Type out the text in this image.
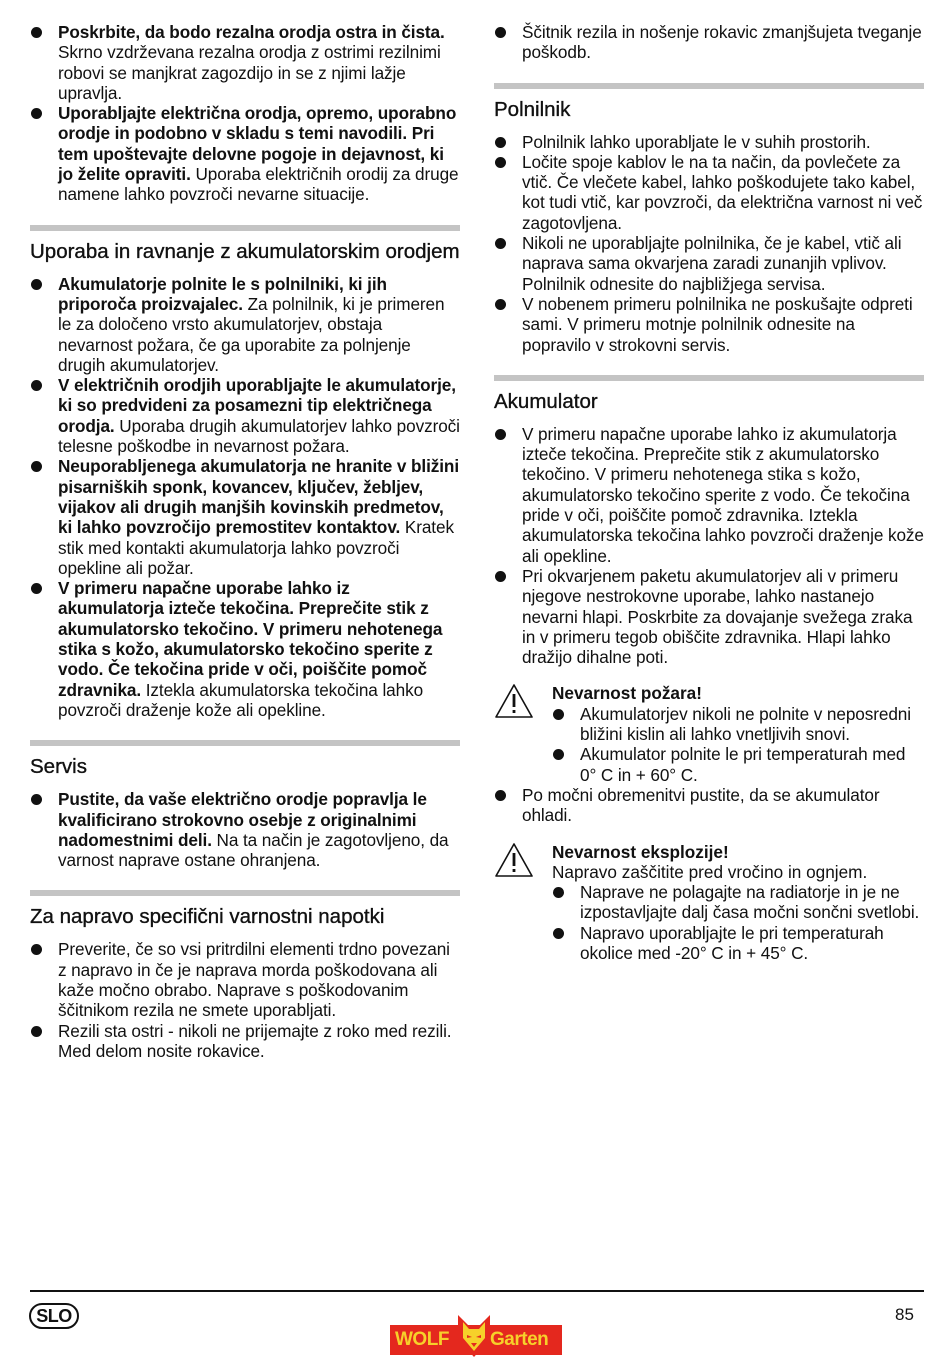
Poskrbite, da bodo rezalna orodja ostra in čista. Skrno vzdrževana rezalna orodja z ostrimi rezilnimi robovi se manjkrat zagozdijo in se z njimi lažje upravlja.
Uporabljajte električna orodja, opremo, uporabno orodje in podobno v skladu s temi navodili. Pri tem upoštevajte delovne pogoje in dejavnost, ki jo želite opraviti. Uporaba električnih orodij za druge namene lahko povzroči nevarne situacije.
Uporaba in ravnanje z akumulatorskim orodjem
Akumulatorje polnite le s polnilniki, ki jih priporoča proizvajalec. Za polnilnik, ki je primeren le za določeno vrsto akumulatorjev, obstaja nevarnost požara, če ga uporabite za polnjenje drugih akumulatorjev.
V električnih orodjih uporabljajte le akumulatorje, ki so predvideni za posamezni tip električnega orodja. Uporaba drugih akumulatorjev lahko povzroči telesne poškodbe in nevarnost požara.
Neuporabljenega akumulatorja ne hranite v bližini pisarniških sponk, kovancev, ključev, žebljev, vijakov ali drugih manjših kovinskih predmetov, ki lahko povzročijo premostitev kontaktov. Kratek stik med kontakti akumulatorja lahko povzroči opekline ali požar.
V primeru napačne uporabe lahko iz akumulatorja izteče tekočina. Preprečite stik z akumulatorsko tekočino. V primeru nehotenega stika s kožo, akumulatorsko tekočino sperite z vodo. Če tekočina pride v oči, poiščite pomoč zdravnika. Iztekla akumulatorska tekočina lahko povzroči draženje kože ali opekline.
Servis
Pustite, da vaše električno orodje popravlja le kvalificirano strokovno osebje z originalnimi nadomestnimi deli. Na ta način je zagotovljeno, da varnost naprave ostane ohranjena.
Za napravo specifični varnostni napotki
Preverite, če so vsi pritrdilni elementi trdno povezani z napravo in če je naprava morda poškodovana ali kaže močno obrabo. Naprave s poškodovanim ščitnikom rezila ne smete uporabljati.
Rezili sta ostri - nikoli ne prijemajte z roko med rezili. Med delom nosite rokavice.
Ščitnik rezila in nošenje rokavic zmanjšujeta tveganje poškodb.
Polnilnik
Polnilnik lahko uporabljate le v suhih prostorih.
Ločite spoje kablov le na ta način, da povlečete za vtič. Če vlečete kabel, lahko poškodujete tako kabel, kot tudi vtič, kar povzroči, da električna varnost ni več zagotovljena.
Nikoli ne uporabljajte polnilnika, če je kabel, vtič ali naprava sama okvarjena zaradi zunanjih vplivov. Polnilnik odnesite do najbližjega servisa.
V nobenem primeru polnilnika ne poskušajte odpreti sami. V primeru motnje polnilnik odnesite na popravilo v strokovni servis.
Akumulator
V primeru napačne uporabe lahko iz akumulatorja izteče tekočina. Preprečite stik z akumulatorsko tekočino. V primeru nehotenega stika s kožo, akumulatorsko tekočino sperite z vodo. Če tekočina pride v oči, poiščite pomoč zdravnika. Iztekla akumulatorska tekočina lahko povzroči draženje kože ali opekline.
Pri okvarjenem paketu akumulatorjev ali v primeru njegove nestrokovne uporabe, lahko nastanejo nevarni hlapi. Poskrbite za dovajanje svežega zraka in v primeru tegob obiščite zdravnika. Hlapi lahko dražijo dihalne poti.
Nevarnost požara!
Akumulatorjev nikoli ne polnite v neposredni bližini kislin ali lahko vnetljivih snovi.
Akumulator polnite le pri temperaturah med 0° C in + 60° C.
Po močni obremenitvi pustite, da se akumulator ohladi.
Nevarnost eksplozije!
Napravo zaščitite pred vročino in ognjem.
Naprave ne polagajte na radiatorje in je ne izpostavljajte dalj časa močni sončni svetlobi.
Napravo uporabljajte le pri temperaturah okolice med -20° C in + 45° C.
SLO	85
WOLF Garten
